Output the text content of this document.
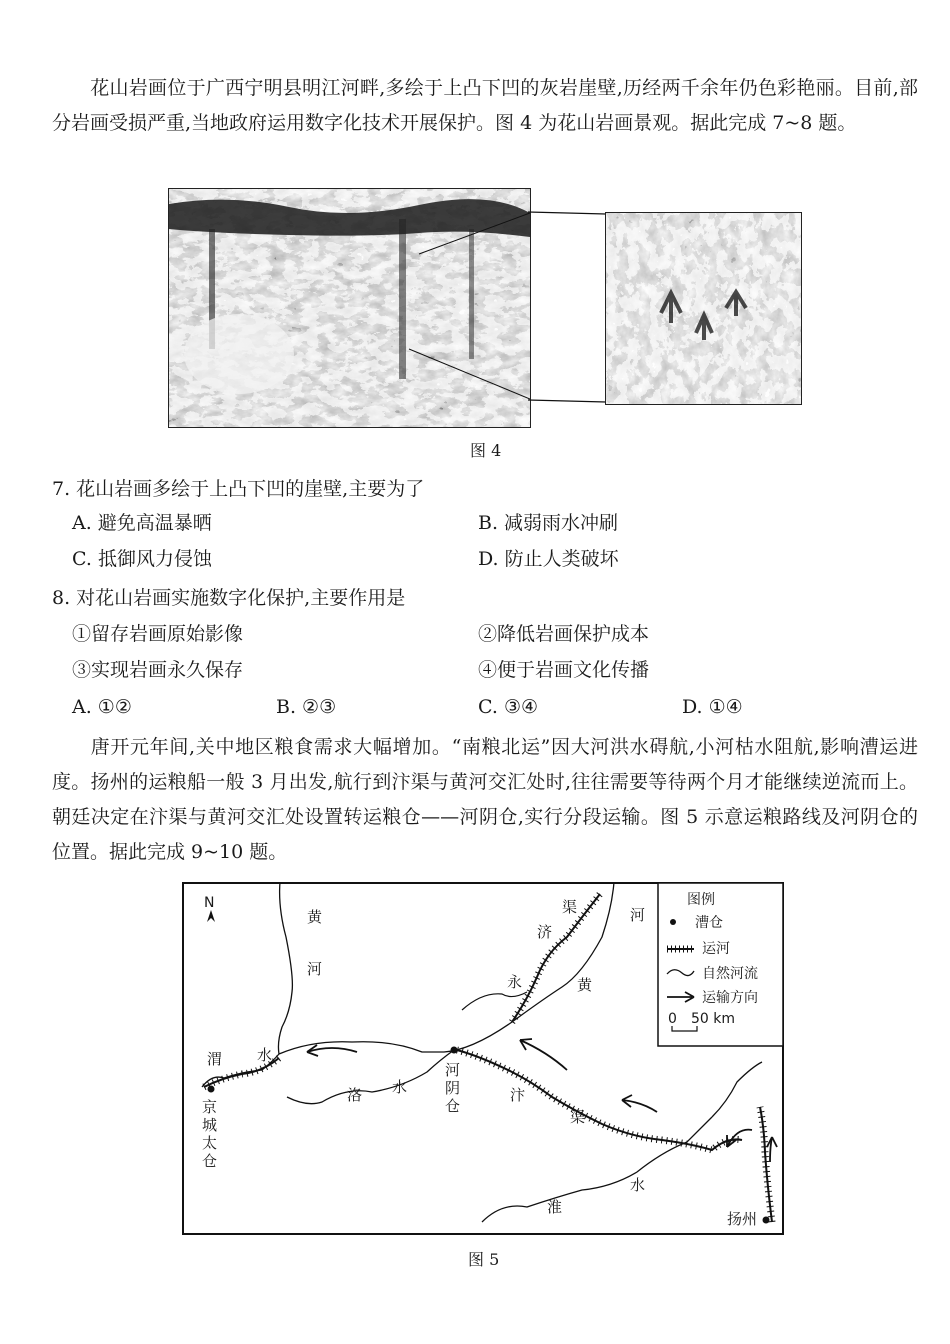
花山岩画位于广西宁明县明江河畔,多绘于上凸下凹的灰岩崖壁,历经两千余年仍色彩艳丽。目前,部分岩画受损严重,当地政府运用数字化技术开展保护。图 4 为花山岩画景观。据此完成 7~8 题。
图 4
7. 花山岩画多绘于上凸下凹的崖壁,主要为了
A. 避免高温暴晒	B. 减弱雨水冲刷
C. 抵御风力侵蚀	D. 防止人类破坏
8. 对花山岩画实施数字化保护,主要作用是
①留存岩画原始影像	②降低岩画保护成本
③实现岩画永久保存	④便于岩画文化传播
A. ①②	B. ②③	C. ③④	D. ①④
唐开元年间,关中地区粮食需求大幅增加。“南粮北运”因大河洪水碍航,小河枯水阻航,影响漕运进度。扬州的运粮船一般 3 月出发,航行到汴渠与黄河交汇处时,往往需要等待两个月才能继续逆流而上。朝廷决定在汴渠与黄河交汇处设置转运粮仓——河阴仓,实行分段运输。图 5 示意运粮路线及河阴仓的位置。据此完成 9~10 题。
N
黄
河
渭 水
京
城
太
仓
洛 水
河
阴
仓
汴
渠
渠
济
永
河
黄
淮
水
扬州
图例
漕仓
运河
自然河流
运输方向
0 50 km
图 5
